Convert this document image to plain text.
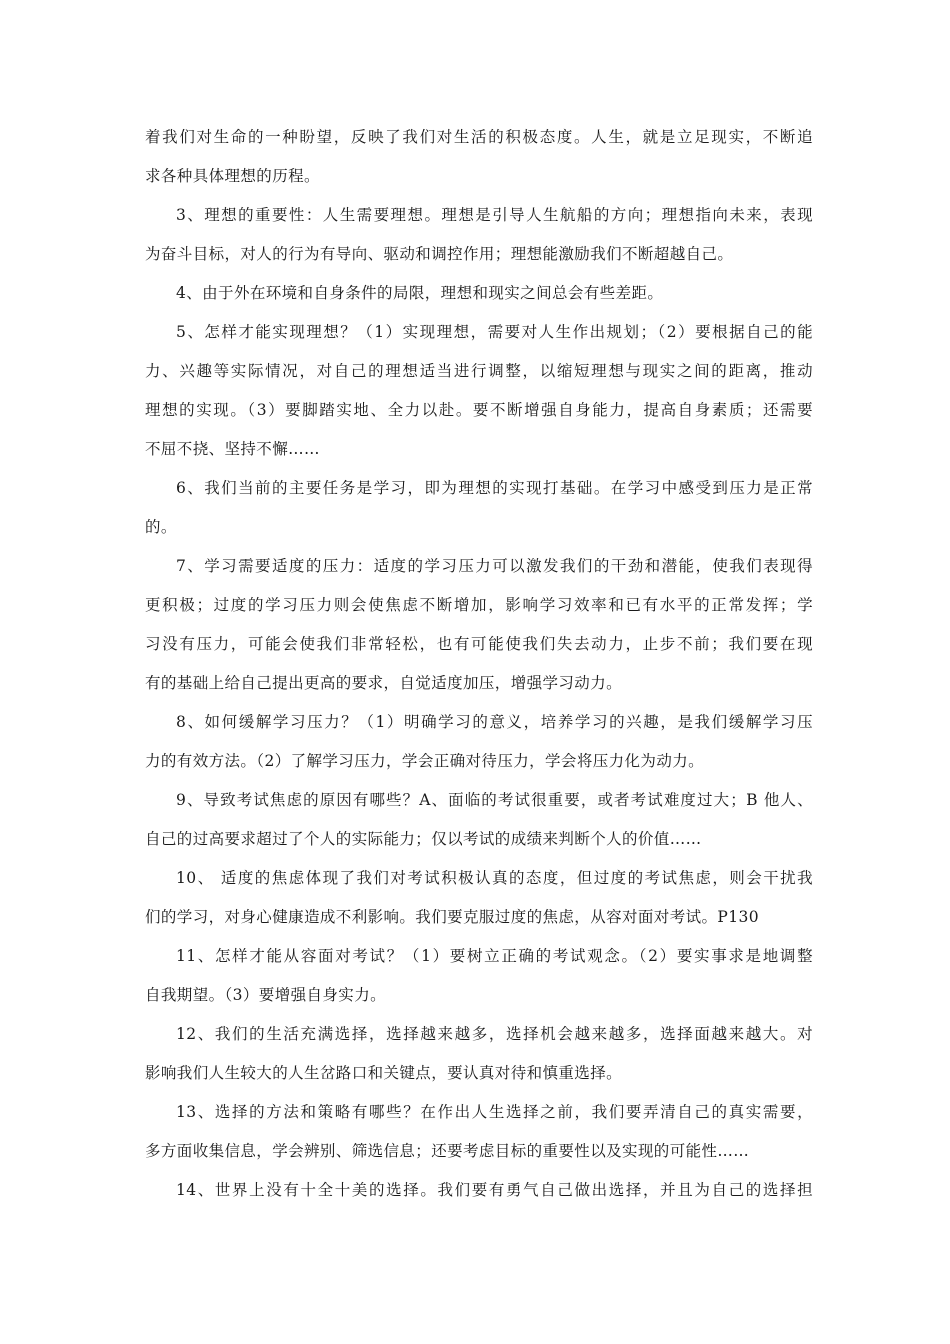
着我们对生命的一种盼望，反映了我们对生活的积极态度。人生，就是立足现实，不断追
求各种具体理想的历程。
3、理想的重要性：人生需要理想。理想是引导人生航船的方向；理想指向未来，表现
为奋斗目标，对人的行为有导向、驱动和调控作用；理想能激励我们不断超越自己。
4、由于外在环境和自身条件的局限，理想和现实之间总会有些差距。
5、怎样才能实现理想？（1）实现理想，需要对人生作出规划；（2）要根据自己的能
力、兴趣等实际情况，对自己的理想适当进行调整，以缩短理想与现实之间的距离，推动
理想的实现。（3）要脚踏实地、全力以赴。要不断增强自身能力，提高自身素质；还需要
不屈不挠、坚持不懈……
6、我们当前的主要任务是学习，即为理想的实现打基础。在学习中感受到压力是正常
的。
7、学习需要适度的压力：适度的学习压力可以激发我们的干劲和潜能，使我们表现得
更积极；过度的学习压力则会使焦虑不断增加，影响学习效率和已有水平的正常发挥；学
习没有压力，可能会使我们非常轻松，也有可能使我们失去动力，止步不前；我们要在现
有的基础上给自己提出更高的要求，自觉适度加压，增强学习动力。
8、如何缓解学习压力？（1）明确学习的意义，培养学习的兴趣，是我们缓解学习压
力的有效方法。（2）了解学习压力，学会正确对待压力，学会将压力化为动力。
9、导致考试焦虑的原因有哪些？A、面临的考试很重要，或者考试难度过大；B 他人、
自己的过高要求超过了个人的实际能力；仅以考试的成绩来判断个人的价值……
10、 适度的焦虑体现了我们对考试积极认真的态度，但过度的考试焦虑，则会干扰我
们的学习，对身心健康造成不利影响。我们要克服过度的焦虑，从容对面对考试。P130
11、怎样才能从容面对考试？（1）要树立正确的考试观念。（2）要实事求是地调整
自我期望。（3）要增强自身实力。
12、我们的生活充满选择，选择越来越多，选择机会越来越多，选择面越来越大。对
影响我们人生较大的人生岔路口和关键点，要认真对待和慎重选择。
13、选择的方法和策略有哪些？在作出人生选择之前，我们要弄清自己的真实需要，
多方面收集信息，学会辨别、筛选信息；还要考虑目标的重要性以及实现的可能性……
14、世界上没有十全十美的选择。我们要有勇气自己做出选择，并且为自己的选择担
